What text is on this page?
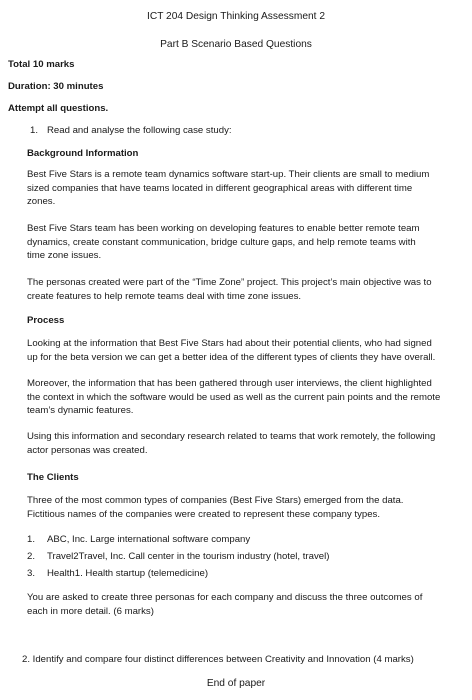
ICT 204 Design Thinking Assessment 2
Part B Scenario Based Questions
Total 10 marks
Duration: 30 minutes
Attempt all questions.
1. Read and analyse the following case study:
Background Information
Best Five Stars is a remote team dynamics software start-up. Their clients are small to medium
sized companies that have teams located in different geographical areas with different time
zones.
Best Five Stars team has been working on developing features to enable better remote team
dynamics, create constant communication, bridge culture gaps, and help remote teams with
time zone issues.
The personas created were part of the “Time Zone” project. This project’s main objective was to
create features to help remote teams deal with time zone issues.
Process
Looking at the information that Best Five Stars had about their potential clients, who had signed
up for the beta version we can get a better idea of the different types of clients they have overall.
Moreover, the information that has been gathered through user interviews, the client highlighted
the context in which the software would be used as well as the current pain points and the remote
team’s dynamic features.
Using this information and secondary research related to teams that work remotely, the following
actor personas was created.
The Clients
Three of the most common types of companies (Best Five Stars) emerged from the data.
Fictitious names of the companies were created to represent these company types.
1. ABC, Inc. Large international software company
2. Travel2Travel, Inc. Call center in the tourism industry (hotel, travel)
3. Health1. Health startup (telemedicine)
You are asked to create three personas for each company and discuss the three outcomes of
each in more detail. (6 marks)
2. Identify and compare four distinct differences between Creativity and Innovation (4 marks)
End of paper
